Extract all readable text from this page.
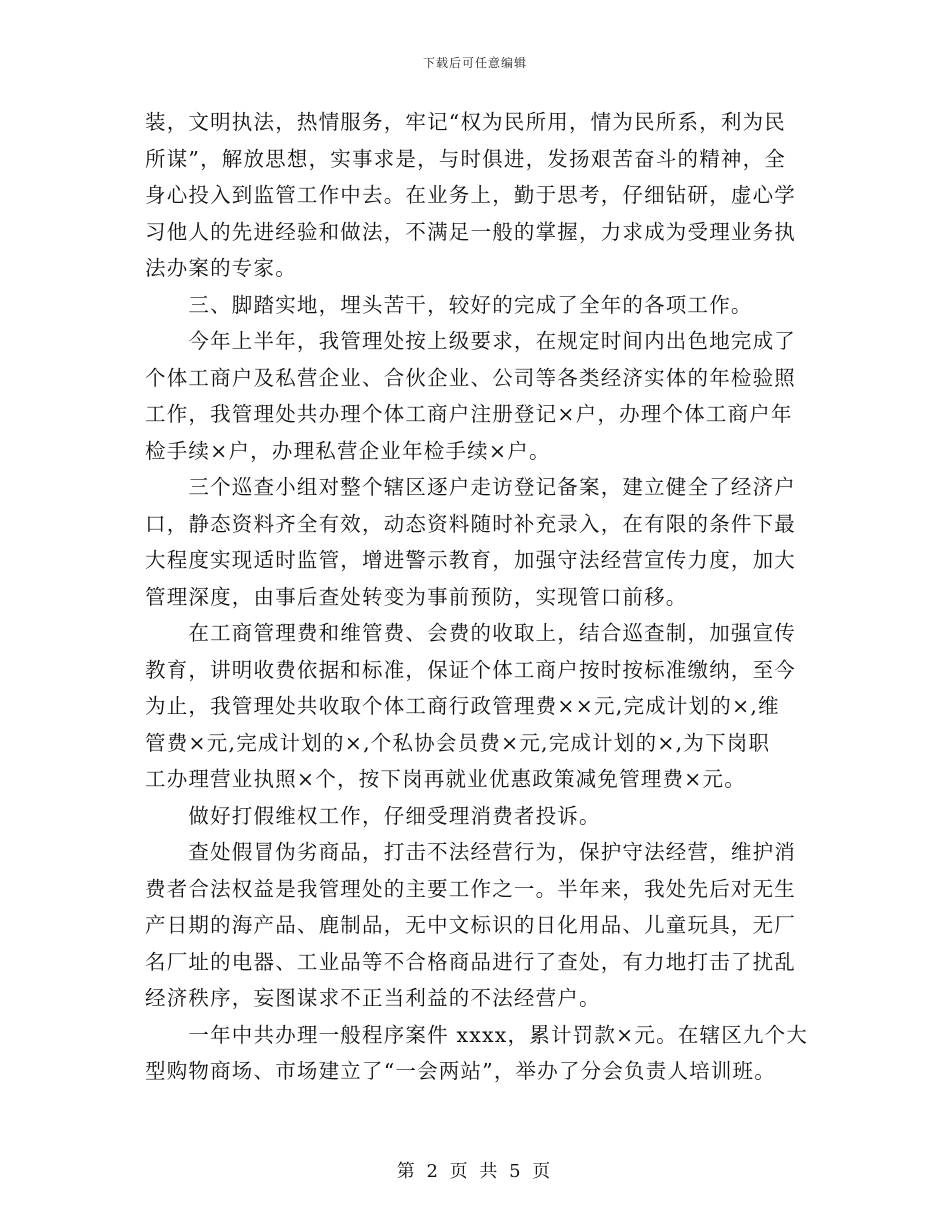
下载后可任意编辑
装，文明执法，热情服务，牢记“权为民所用，情为民所系，利为民
所谋”，解放思想，实事求是，与时俱进，发扬艰苦奋斗的精神，全
身心投入到监管工作中去。在业务上，勤于思考，仔细钻研，虚心学
习他人的先进经验和做法，不满足一般的掌握，力求成为受理业务执
法办案的专家。
　　三、脚踏实地，埋头苦干，较好的完成了全年的各项工作。
　　今年上半年，我管理处按上级要求，在规定时间内出色地完成了
个体工商户及私营企业、合伙企业、公司等各类经济实体的年检验照
工作，我管理处共办理个体工商户注册登记×户，办理个体工商户年
检手续×户，办理私营企业年检手续×户。
　　三个巡查小组对整个辖区逐户走访登记备案，建立健全了经济户
口，静态资料齐全有效，动态资料随时补充录入，在有限的条件下最
大程度实现适时监管，增进警示教育，加强守法经营宣传力度，加大
管理深度，由事后查处转变为事前预防，实现管口前移。
　　在工商管理费和维管费、会费的收取上，结合巡查制，加强宣传
教育，讲明收费依据和标准，保证个体工商户按时按标准缴纳，至今
为止，我管理处共收取个体工商行政管理费××元,完成计划的×,维
管费×元,完成计划的×,个私协会员费×元,完成计划的×,为下岗职
工办理营业执照×个，按下岗再就业优惠政策减免管理费×元。
　　做好打假维权工作，仔细受理消费者投诉。
　　查处假冒伪劣商品，打击不法经营行为，保护守法经营，维护消
费者合法权益是我管理处的主要工作之一。半年来，我处先后对无生
产日期的海产品、鹿制品，无中文标识的日化用品、儿童玩具，无厂
名厂址的电器、工业品等不合格商品进行了查处，有力地打击了扰乱
经济秩序，妄图谋求不正当利益的不法经营户。
　　一年中共办理一般程序案件 xxxx，累计罚款×元。在辖区九个大
型购物商场、市场建立了“一会两站”，举办了分会负责人培训班。
第 2 页 共 5 页
